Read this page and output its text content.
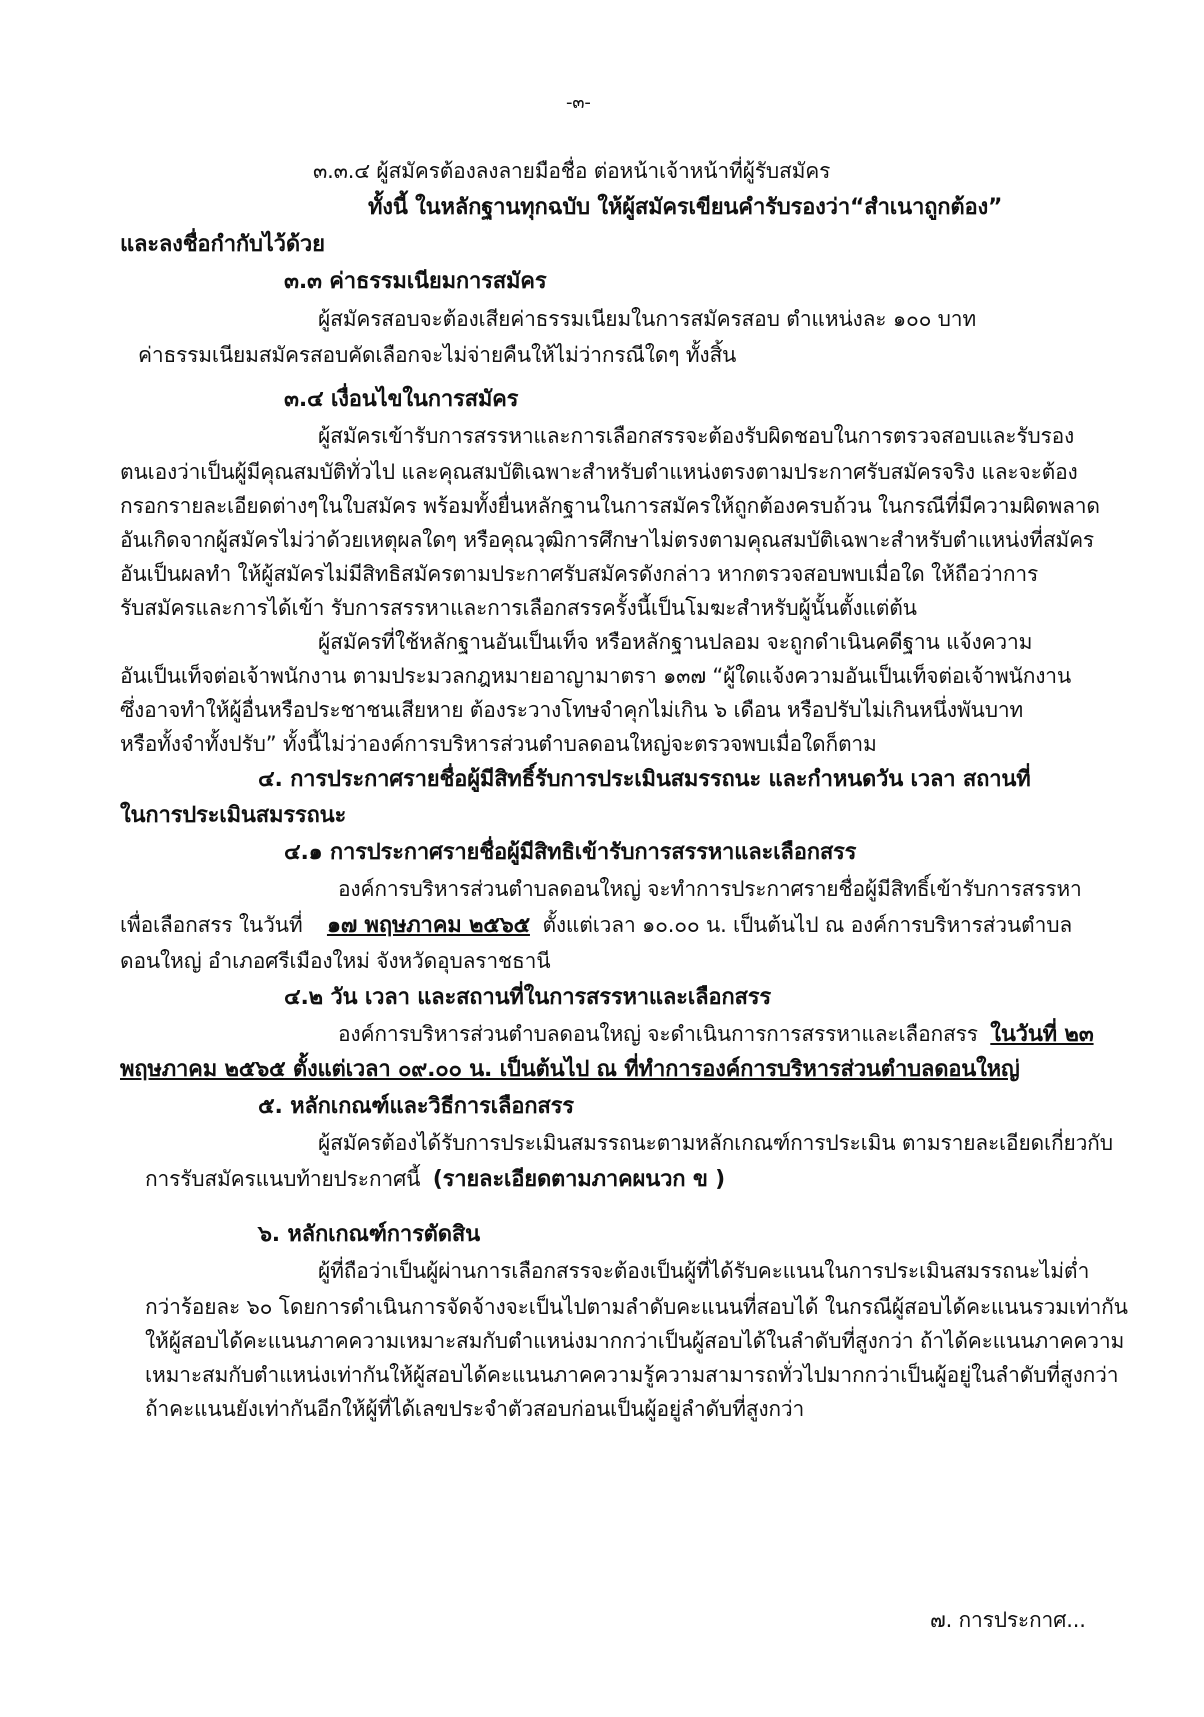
-๓-
๓.๓.๔ ผู้สมัครต้องลงลายมือชื่อ ต่อหน้าเจ้าหน้าที่ผู้รับสมัคร
ทั้งนี้ ในหลักฐานทุกฉบับ ให้ผู้สมัครเขียนคำรับรองว่า“สำเนาถูกต้อง”
และลงชื่อกำกับไว้ด้วย
๓.๓ ค่าธรรมเนียมการสมัคร
ผู้สมัครสอบจะต้องเสียค่าธรรมเนียมในการสมัครสอบ ตำแหน่งละ ๑๐๐ บาท
ค่าธรรมเนียมสมัครสอบคัดเลือกจะไม่จ่ายคืนให้ไม่ว่ากรณีใดๆ ทั้งสิ้น
๓.๔ เงื่อนไขในการสมัคร
ผู้สมัครเข้ารับการสรรหาและการเลือกสรรจะต้องรับผิดชอบในการตรวจสอบและรับรอง
ตนเองว่าเป็นผู้มีคุณสมบัติทั่วไป และคุณสมบัติเฉพาะสำหรับตำแหน่งตรงตามประกาศรับสมัครจริง และจะต้อง
กรอกรายละเอียดต่างๆในใบสมัคร พร้อมทั้งยื่นหลักฐานในการสมัครให้ถูกต้องครบถ้วน ในกรณีที่มีความผิดพลาด
อันเกิดจากผู้สมัครไม่ว่าด้วยเหตุผลใดๆ หรือคุณวุฒิการศึกษาไม่ตรงตามคุณสมบัติเฉพาะสำหรับตำแหน่งที่สมัคร
อันเป็นผลทำ ให้ผู้สมัครไม่มีสิทธิสมัครตามประกาศรับสมัครดังกล่าว หากตรวจสอบพบเมื่อใด ให้ถือว่าการ
รับสมัครและการได้เข้า รับการสรรหาและการเลือกสรรครั้งนี้เป็นโมฆะสำหรับผู้นั้นตั้งแต่ต้น
ผู้สมัครที่ใช้หลักฐานอันเป็นเท็จ หรือหลักฐานปลอม จะถูกดำเนินคดีฐาน แจ้งความ
อันเป็นเท็จต่อเจ้าพนักงาน ตามประมวลกฎหมายอาญามาตรา ๑๓๗ “ผู้ใดแจ้งความอันเป็นเท็จต่อเจ้าพนักงาน
ซึ่งอาจทำให้ผู้อื่นหรือประชาชนเสียหาย ต้องระวางโทษจำคุกไม่เกิน ๖ เดือน หรือปรับไม่เกินหนึ่งพันบาท
หรือทั้งจำทั้งปรับ” ทั้งนี้ไม่ว่าองค์การบริหารส่วนตำบลดอนใหญ่จะตรวจพบเมื่อใดก็ตาม
๔. การประกาศรายชื่อผู้มีสิทธิ์รับการประเมินสมรรถนะ และกำหนดวัน เวลา สถานที่
ในการประเมินสมรรถนะ
๔.๑ การประกาศรายชื่อผู้มีสิทธิเข้ารับการสรรหาและเลือกสรร
องค์การบริหารส่วนตำบลดอนใหญ่ จะทำการประกาศรายชื่อผู้มีสิทธิ์เข้ารับการสรรหา
เพื่อเลือกสรร ในวันที่ ๑๗ พฤษภาคม ๒๕๖๕ ตั้งแต่เวลา ๑๐.๐๐ น. เป็นต้นไป ณ องค์การบริหารส่วนตำบล
ดอนใหญ่ อำเภอศรีเมืองใหม่ จังหวัดอุบลราชธานี
๔.๒ วัน เวลา และสถานที่ในการสรรหาและเลือกสรร
องค์การบริหารส่วนตำบลดอนใหญ่ จะดำเนินการการสรรหาและเลือกสรร ในวันที่ ๒๓
พฤษภาคม ๒๕๖๕ ตั้งแต่เวลา ๐๙.๐๐ น. เป็นต้นไป ณ ที่ทำการองค์การบริหารส่วนตำบลดอนใหญ่
๕. หลักเกณฑ์และวิธีการเลือกสรร
ผู้สมัครต้องได้รับการประเมินสมรรถนะตามหลักเกณฑ์การประเมิน ตามรายละเอียดเกี่ยวกับ
การรับสมัครแนบท้ายประกาศนี้ (รายละเอียดตามภาคผนวก ข )
๖. หลักเกณฑ์การตัดสิน
ผู้ที่ถือว่าเป็นผู้ผ่านการเลือกสรรจะต้องเป็นผู้ที่ได้รับคะแนนในการประเมินสมรรถนะไม่ต่ำ
กว่าร้อยละ ๖๐ โดยการดำเนินการจัดจ้างจะเป็นไปตามลำดับคะแนนที่สอบได้ ในกรณีผู้สอบได้คะแนนรวมเท่ากัน
ให้ผู้สอบได้คะแนนภาคความเหมาะสมกับตำแหน่งมากกว่าเป็นผู้สอบได้ในลำดับที่สูงกว่า ถ้าได้คะแนนภาคความ
เหมาะสมกับตำแหน่งเท่ากันให้ผู้สอบได้คะแนนภาคความรู้ความสามารถทั่วไปมากกว่าเป็นผู้อยู่ในลำดับที่สูงกว่า
ถ้าคะแนนยังเท่ากันอีกให้ผู้ที่ได้เลขประจำตัวสอบก่อนเป็นผู้อยู่ลำดับที่สูงกว่า
๗. การประกาศ...
